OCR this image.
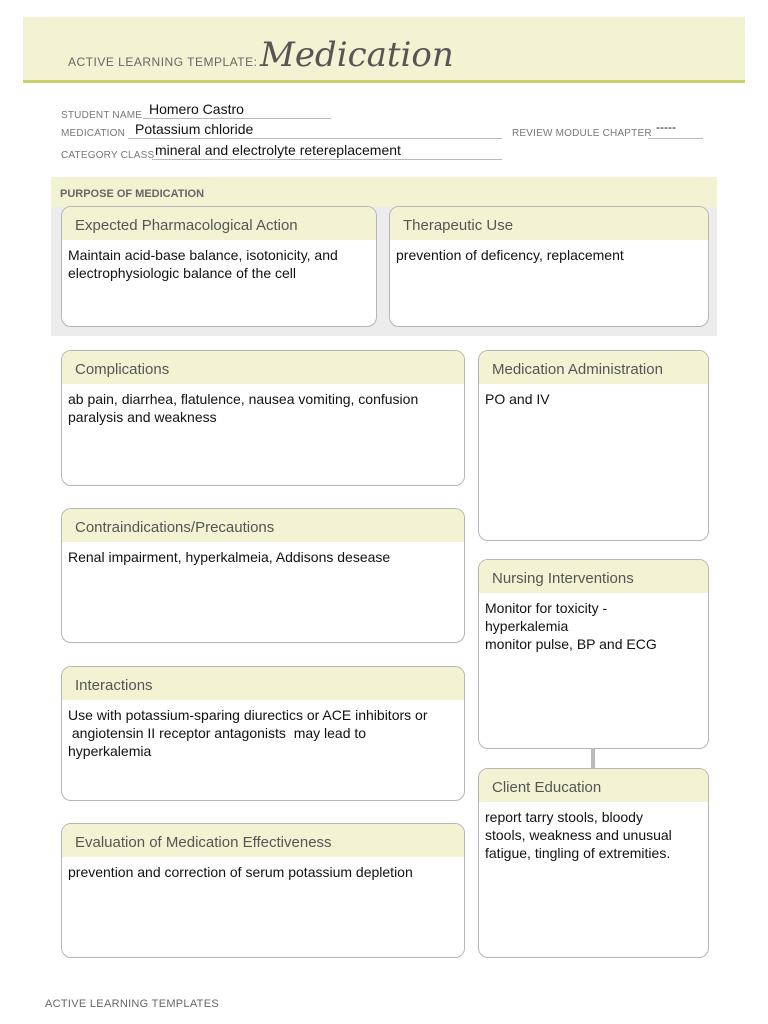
ACTIVE LEARNING TEMPLATE: Medication
STUDENT NAME Homero Castro
MEDICATION Potassium chloride	REVIEW MODULE CHAPTER -----
CATEGORY CLASS mineral and electrolyte retereplacement
PURPOSE OF MEDICATION
Expected Pharmacological Action
Maintain acid-base balance, isotonicity, and
electrophysiologic balance of the cell
Therapeutic Use
prevention of deficency, replacement
Complications
ab pain, diarrhea, flatulence, nausea vomiting, confusion
paralysis and weakness
Contraindications/Precautions
Renal impairment, hyperkalmeia, Addisons desease
Interactions
Use with potassium-sparing diurectics or ACE inhibitors or
angiotensin II receptor antagonists  may lead to
hyperkalemia
Evaluation of Medication Effectiveness
prevention and correction of serum potassium depletion
Medication Administration
PO and IV
Nursing Interventions
Monitor for toxicity -
hyperkalemia
monitor pulse, BP and ECG
Client Education
report tarry stools, bloody
stools, weakness and unusual
fatigue, tingling of extremities.
ACTIVE LEARNING TEMPLATES
